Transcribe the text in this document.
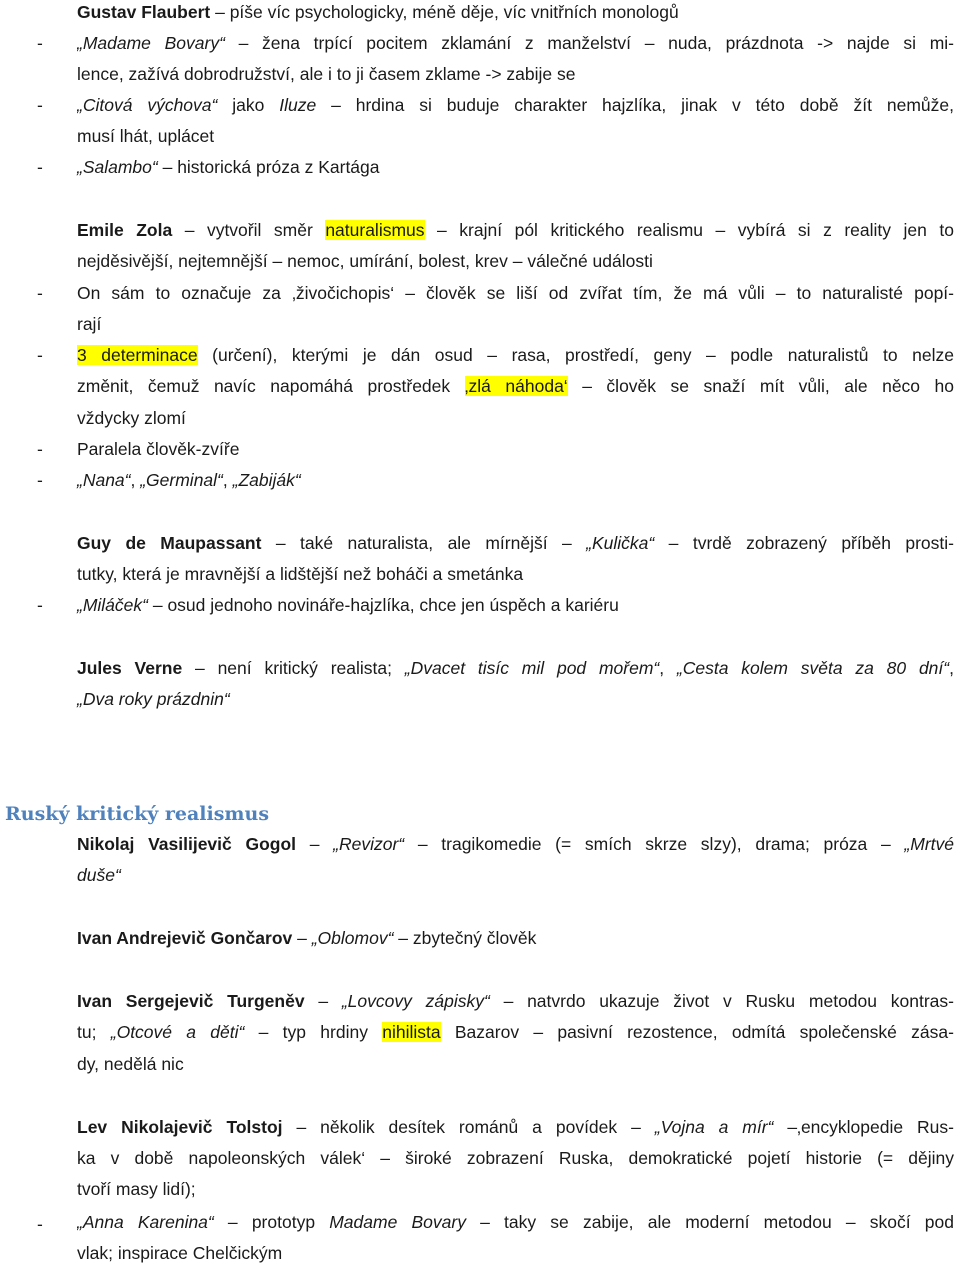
Gustav Flaubert – píše víc psychologicky, méně děje, víc vnitřních monologů
- „Madame Bovary“ – žena trpící pocitem zklamání z manželství – nuda, prázdnota -> najde si mi-
lence, zažívá dobrodružství, ale i to ji časem zklame -> zabije se
- „Citová výchova“ jako Iluze – hrdina si buduje charakter hajzlíka, jinak v této době žít nemůže,
musí lhát, uplácet
- „Salambo“ – historická próza z Kartága
Emile Zola – vytvořil směr naturalismus – krajní pól kritického realismu – vybírá si z reality jen to
nejděsivější, nejtemnější – nemoc, umírání, bolest, krev – válečné události
- On sám to označuje za ‚živočichopis‘ – člověk se liší od zvířat tím, že má vůli – to naturalisté popí-
rají
- 3 determinace (určení), kterými je dán osud – rasa, prostředí, geny – podle naturalistů to nelze
změnit, čemuž navíc napomáhá prostředek ‚zlá náhoda‘ – člověk se snaží mít vůli, ale něco ho
vždycky zlomí
- Paralela člověk-zvíře
- „Nana“, „Germinal“, „Zabiják“
Guy de Maupassant – také naturalista, ale mírnější – „Kulička“ – tvrdě zobrazený příběh prosti-
tutky, která je mravnější a lidštější než boháči a smetánka
- „Miláček“ – osud jednoho novináře-hajzlíka, chce jen úspěch a kariéru
Jules Verne – není kritický realista; „Dvacet tisíc mil pod mořem“, „Cesta kolem světa za 80 dní“,
„Dva roky prázdnin“
Ruský kritický realismus
Nikolaj Vasilijevič Gogol – „Revizor“ – tragikomedie (= smích skrze slzy), drama; próza – „Mrtvé
duše“
Ivan Andrejevič Gončarov – „Oblomov“ – zbytečný člověk
Ivan Sergejevič Turgeněv – „Lovcovy zápisky“ – natvrdo ukazuje život v Rusku metodou kontras-
tu; „Otcové a děti“ – typ hrdiny nihilista Bazarov – pasivní rezostence, odmítá společenské zása-
dy, nedělá nic
Lev Nikolajevič Tolstoj – několik desítek románů a povídek – „Vojna a mír“ –‚encyklopedie Rus-
ka v době napoleonských válek‘ – široké zobrazení Ruska, demokratické pojetí historie (= dějiny
tvoří masy lidí);
- „Anna Karenina“ – prototyp Madame Bovary – taky se zabije, ale moderní metodou – skočí pod
vlak; inspirace Chelčickým
